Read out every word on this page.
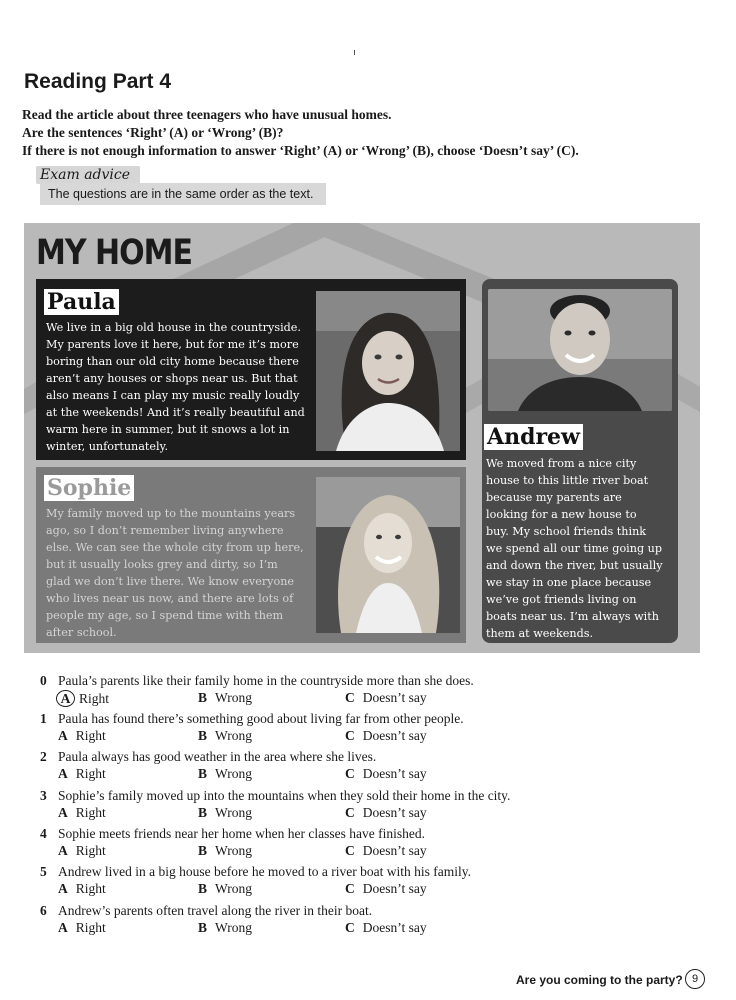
Reading Part 4
Read the article about three teenagers who have unusual homes.
Are the sentences ‘Right’ (A) or ‘Wrong’ (B)?
If there is not enough information to answer ‘Right’ (A) or ‘Wrong’ (B), choose ‘Doesn’t say’ (C).
Exam advice
The questions are in the same order as the text.
MY HOME
Paula
We live in a big old house in the countryside.
My parents love it here, but for me it’s more
boring than our old city home because there
aren’t any houses or shops near us. But that
also means I can play my music really loudly
at the weekends! And it’s really beautiful and
warm here in summer, but it snows a lot in
winter, unfortunately.
Sophie
My family moved up to the mountains years
ago, so I don’t remember living anywhere
else. We can see the whole city from up here,
but it usually looks grey and dirty, so I’m
glad we don’t live there. We know everyone
who lives near us now, and there are lots of
people my age, so I spend time with them
after school.
Andrew
We moved from a nice city
house to this little river boat
because my parents are
looking for a new house to
buy. My school friends think
we spend all our time going up
and down the river, but usually
we stay in one place because
we’ve got friends living on
boats near us. I’m always with
them at weekends.
0 Paula’s parents like their family home in the countryside more than she does.
A Right	B Wrong	C Doesn’t say
1 Paula has found there’s something good about living far from other people.
A Right	B Wrong	C Doesn’t say
2 Paula always has good weather in the area where she lives.
A Right	B Wrong	C Doesn’t say
3 Sophie’s family moved up into the mountains when they sold their home in the city.
A Right	B Wrong	C Doesn’t say
4 Sophie meets friends near her home when her classes have finished.
A Right	B Wrong	C Doesn’t say
5 Andrew lived in a big house before he moved to a river boat with his family.
A Right	B Wrong	C Doesn’t say
6 Andrew’s parents often travel along the river in their boat.
A Right	B Wrong	C Doesn’t say
Are you coming to the party? 9
